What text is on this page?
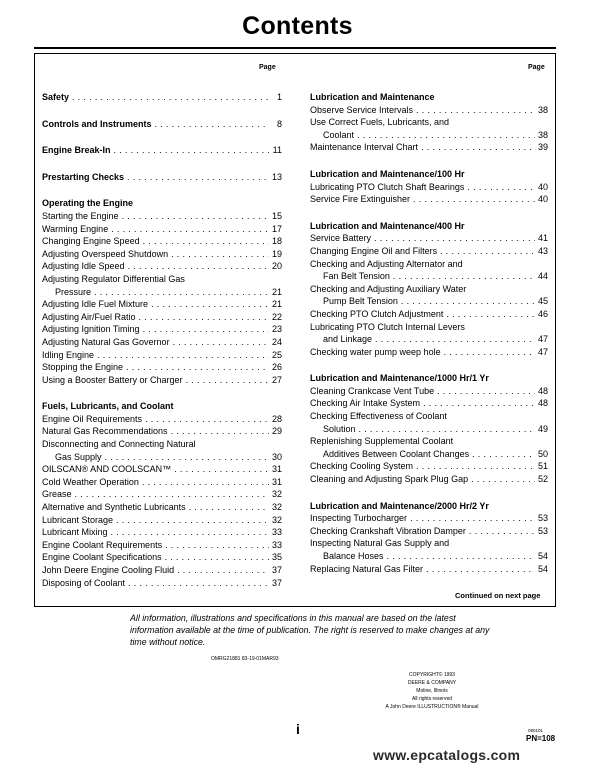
Contents
Page	Page
Safety .....	1
Controls and Instruments .....	8
Engine Break-In .....	11
Prestarting Checks .....	13
Operating the Engine
Starting the Engine .....	15
Warming Engine .....	17
Changing Engine Speed .....	18
Adjusting Overspeed Shutdown .....	19
Adjusting Idle Speed .....	20
Adjusting Regulator Differential Gas
Pressure .....	21
Adjusting Idle Fuel Mixture .....	21
Adjusting Air/Fuel Ratio .....	22
Adjusting Ignition Timing .....	23
Adjusting Natural Gas Governor .....	24
Idling Engine .....	25
Stopping the Engine .....	26
Using a Booster Battery or Charger .....	27
Fuels, Lubricants, and Coolant
Engine Oil Requirements .....	28
Natural Gas Recommendations .....	29
Disconnecting and Connecting Natural
Gas Supply .....	30
OILSCAN® AND COOLSCAN™ .....	31
Cold Weather Operation .....	31
Grease .....	32
Alternative and Synthetic Lubricants .....	32
Lubricant Storage .....	32
Lubricant Mixing .....	33
Engine Coolant Requirements .....	33
Engine Coolant Specifications .....	35
John Deere Engine Cooling Fluid .....	37
Disposing of Coolant .....	37
Lubrication and Maintenance
Observe Service Intervals .....	38
Use Correct Fuels, Lubricants, and
Coolant .....	38
Maintenance Interval Chart .....	39
Lubrication and Maintenance/100 Hr
Lubricating PTO Clutch Shaft Bearings .....	40
Service Fire Extinguisher .....	40
Lubrication and Maintenance/400 Hr
Service Battery .....	41
Changing Engine Oil and Filters .....	43
Checking and Adjusting Alternator and
Fan Belt Tension .....	44
Checking and Adjusting Auxiliary Water
Pump Belt Tension .....	45
Checking PTO Clutch Adjustment .....	46
Lubricating PTO Clutch Internal Levers
and Linkage .....	47
Checking water pump weep hole .....	47
Lubrication and Maintenance/1000 Hr/1 Yr
Cleaning Crankcase Vent Tube .....	48
Checking Air Intake System .....	48
Checking Effectiveness of Coolant
Solution .....	49
Replenishing Supplemental Coolant
Additives Between Coolant Changes .....	50
Checking Cooling System .....	51
Cleaning and Adjusting Spark Plug Gap .....	52
Lubrication and Maintenance/2000 Hr/2 Yr
Inspecting Turbocharger .....	53
Checking Crankshaft Vibration Damper .....	53
Inspecting Natural Gas Supply and
Balance Hoses .....	54
Replacing Natural Gas Filter .....	54
Continued on next page
All information, illustrations and specifications in this manual are based on the latest information available at the time of publication. The right is reserved to make changes at any time without notice.
OMRG21881 83-19-01MAR93
COPYRIGHT© 1993
DEERE & COMPANY
Moline, Illinois
All rights reserved
A John Deere ILLUSTRUCTION® Manual
i	080101
PN=108
www.epcatalogs.com
